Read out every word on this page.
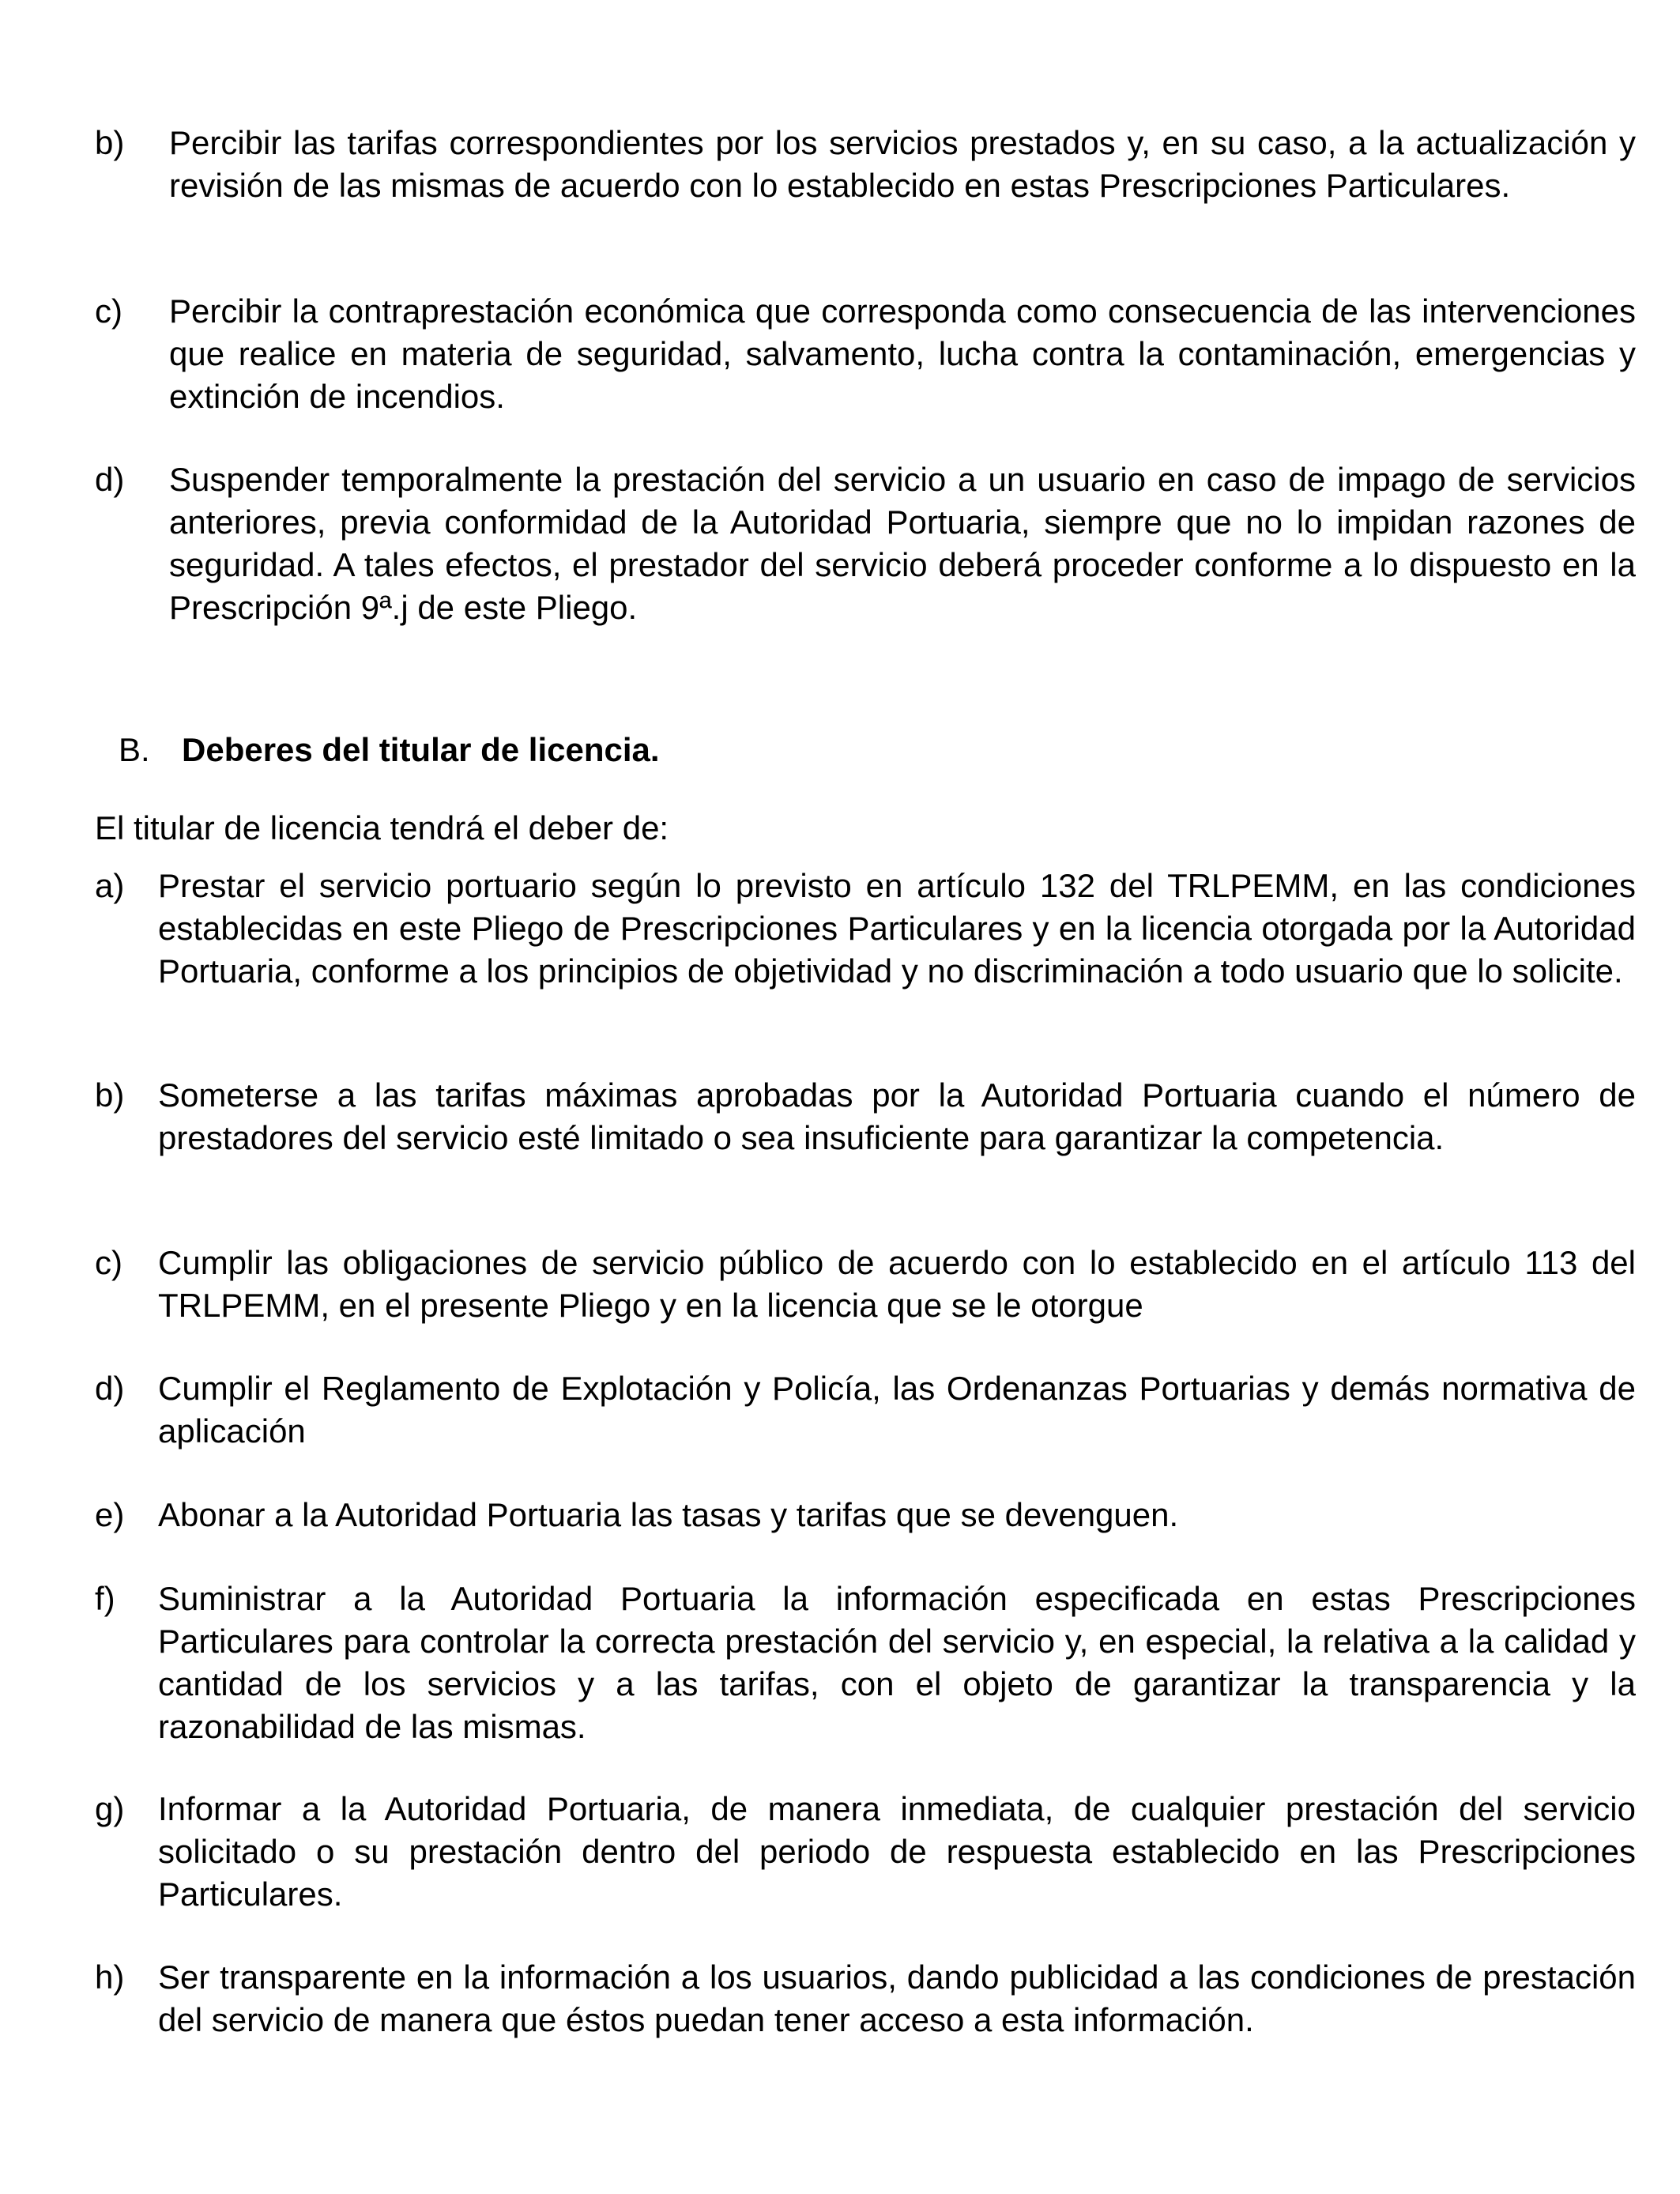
b)	Percibir las tarifas correspondientes por los servicios prestados y, en su caso, a la actualización y revisión de las mismas de acuerdo con lo establecido en estas Prescripciones Particulares.
c)	Percibir la contraprestación económica que corresponda como consecuencia de las intervenciones que realice en materia de seguridad, salvamento, lucha contra la contaminación, emergencias y extinción de incendios.
d)	Suspender temporalmente la prestación del servicio a un usuario en caso de impago de servicios anteriores, previa conformidad de la Autoridad Portuaria, siempre que no lo impidan razones de seguridad. A tales efectos, el prestador del servicio deberá proceder conforme a lo dispuesto en la Prescripción 9ª.j de este Pliego.
B. Deberes del titular de licencia.
El titular de licencia tendrá el deber de:
a)	Prestar el servicio portuario según lo previsto en artículo 132 del TRLPEMM, en las condiciones establecidas en este Pliego de Prescripciones Particulares y en la licencia otorgada por la Autoridad Portuaria, conforme a los principios de objetividad y no discriminación a todo usuario que lo solicite.
b)	Someterse a las tarifas máximas aprobadas por la Autoridad Portuaria cuando el número de prestadores del servicio esté limitado o sea insuficiente para garantizar la competencia.
c)	Cumplir las obligaciones de servicio público de acuerdo con lo establecido en el artículo 113 del TRLPEMM, en el presente Pliego y en la licencia que se le otorgue
d)	Cumplir el Reglamento de Explotación y Policía, las Ordenanzas Portuarias y demás normativa de aplicación
e)	Abonar a la Autoridad Portuaria las tasas y tarifas que se devenguen.
f)	Suministrar a la Autoridad Portuaria la información especificada en estas Prescripciones Particulares para controlar la correcta prestación del servicio y, en especial, la relativa a la calidad y cantidad de los servicios y a las tarifas, con el objeto de garantizar la transparencia y la razonabilidad de las mismas.
g)	Informar a la Autoridad Portuaria, de manera inmediata, de cualquier prestación del servicio solicitado o su prestación dentro del periodo de respuesta establecido en las Prescripciones Particulares.
h)	Ser transparente en la información a los usuarios, dando publicidad a las condiciones de prestación del servicio de manera que éstos puedan tener acceso a esta información.
